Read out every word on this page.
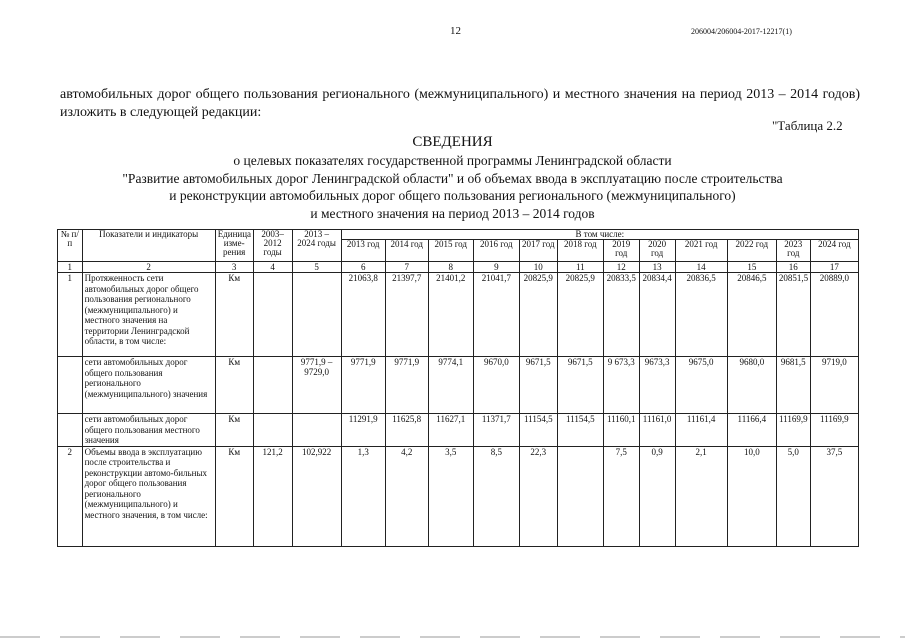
12	206004/206004-2017-12217(1)
автомобильных дорог общего пользования регионального (межмуниципального) и местного значения на период 2013 – 2014 годов) изложить в следующей редакции:
"Таблица 2.2
СВЕДЕНИЯ
о целевых показателях государственной программы Ленинградской области
"Развитие автомобильных дорог Ленинградской области" и об объемах ввода в эксплуатацию после строительства
и реконструкции автомобильных дорог общего пользования регионального (межмуниципального)
и местного значения на период 2013 – 2014 годов
№ п/п	Показатели и индикаторы	Единица изме-рения	2003–2012 годы	2013 – 2024 годы	В том числе:											
					2013 год	2014 год	2015 год	2016 год	2017 год	2018 год	2019 год	2020 год	2021 год	2022 год	2023 год	2024 год
1	2	3	4	5	6	7	8	9	10	11	12	13	14	15	16	17
1	Протяженность сети автомобильных дорог общего пользования регионального (межмуниципального) и местного значения на территории Ленинградской области, в том числе:	Км			21063,8	21397,7	21401,2	21041,7	20825,9	20825,9	20833,5	20834,4	20836,5	20846,5	20851,5	20889,0
	сети автомобильных дорог общего пользования регионального (межмуниципального) значения	Км		9771,9 – 9729,0	9771,9	9771,9	9774,1	9670,0	9671,5	9671,5	9 673,3	9673,3	9675,0	9680,0	9681,5	9719,0
	сети автомобильных дорог общего пользования местного значения	Км			11291,9	11625,8	11627,1	11371,7	11154,5	11154,5	11160,1	11161,0	11161,4	11166,4	11169,9	11169,9
2	Объемы ввода в эксплуатацию после строительства и реконструкции автомо-бильных дорог общего пользования регионального (межмуниципального) и местного значения, в том числе:	Км	121,2	102,922	1,3	4,2	3,5	8,5	22,3		7,5	0,9	2,1	10,0	5,0	37,5
